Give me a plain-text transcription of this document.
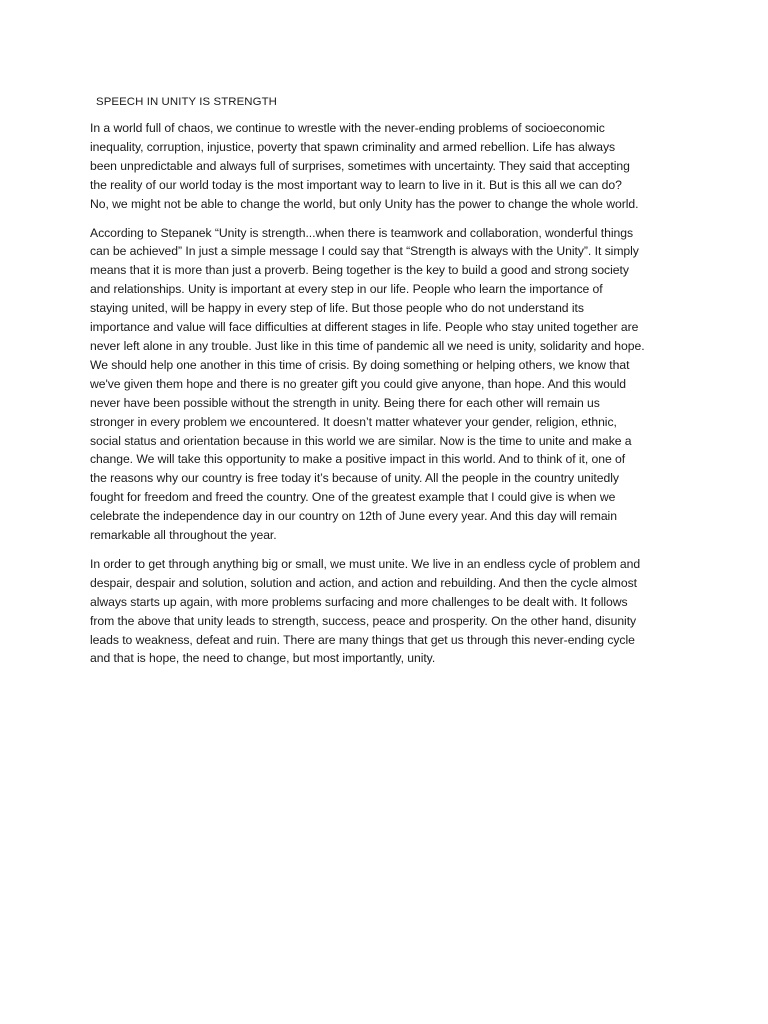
SPEECH IN UNITY IS STRENGTH

In a world full of chaos, we continue to wrestle with the never-ending problems of socioeconomic
inequality, corruption, injustice, poverty that spawn criminality and armed rebellion. Life has always
been unpredictable and always full of surprises, sometimes with uncertainty. They said that accepting
the reality of our world today is the most important way to learn to live in it. But is this all we can do?
No, we might not be able to change the world, but only Unity has the power to change the whole world.

According to Stepanek “Unity is strength...when there is teamwork and collaboration, wonderful things
can be achieved” In just a simple message I could say that “Strength is always with the Unity”. It simply
means that it is more than just a proverb. Being together is the key to build a good and strong society
and relationships. Unity is important at every step in our life. People who learn the importance of
staying united, will be happy in every step of life. But those people who do not understand its
importance and value will face difficulties at different stages in life. People who stay united together are
never left alone in any trouble. Just like in this time of pandemic all we need is unity, solidarity and hope.
We should help one another in this time of crisis. By doing something or helping others, we know that
we've given them hope and there is no greater gift you could give anyone, than hope. And this would
never have been possible without the strength in unity. Being there for each other will remain us
stronger in every problem we encountered. It doesn’t matter whatever your gender, religion, ethnic,
social status and orientation because in this world we are similar. Now is the time to unite and make a
change. We will take this opportunity to make a positive impact in this world. And to think of it, one of
the reasons why our country is free today it’s because of unity. All the people in the country unitedly
fought for freedom and freed the country. One of the greatest example that I could give is when we
celebrate the independence day in our country on 12th of June every year. And this day will remain
remarkable all throughout the year.

In order to get through anything big or small, we must unite. We live in an endless cycle of problem and
despair, despair and solution, solution and action, and action and rebuilding. And then the cycle almost
always starts up again, with more problems surfacing and more challenges to be dealt with. It follows
from the above that unity leads to strength, success, peace and prosperity. On the other hand, disunity
leads to weakness, defeat and ruin. There are many things that get us through this never-ending cycle
and that is hope, the need to change, but most importantly, unity.
